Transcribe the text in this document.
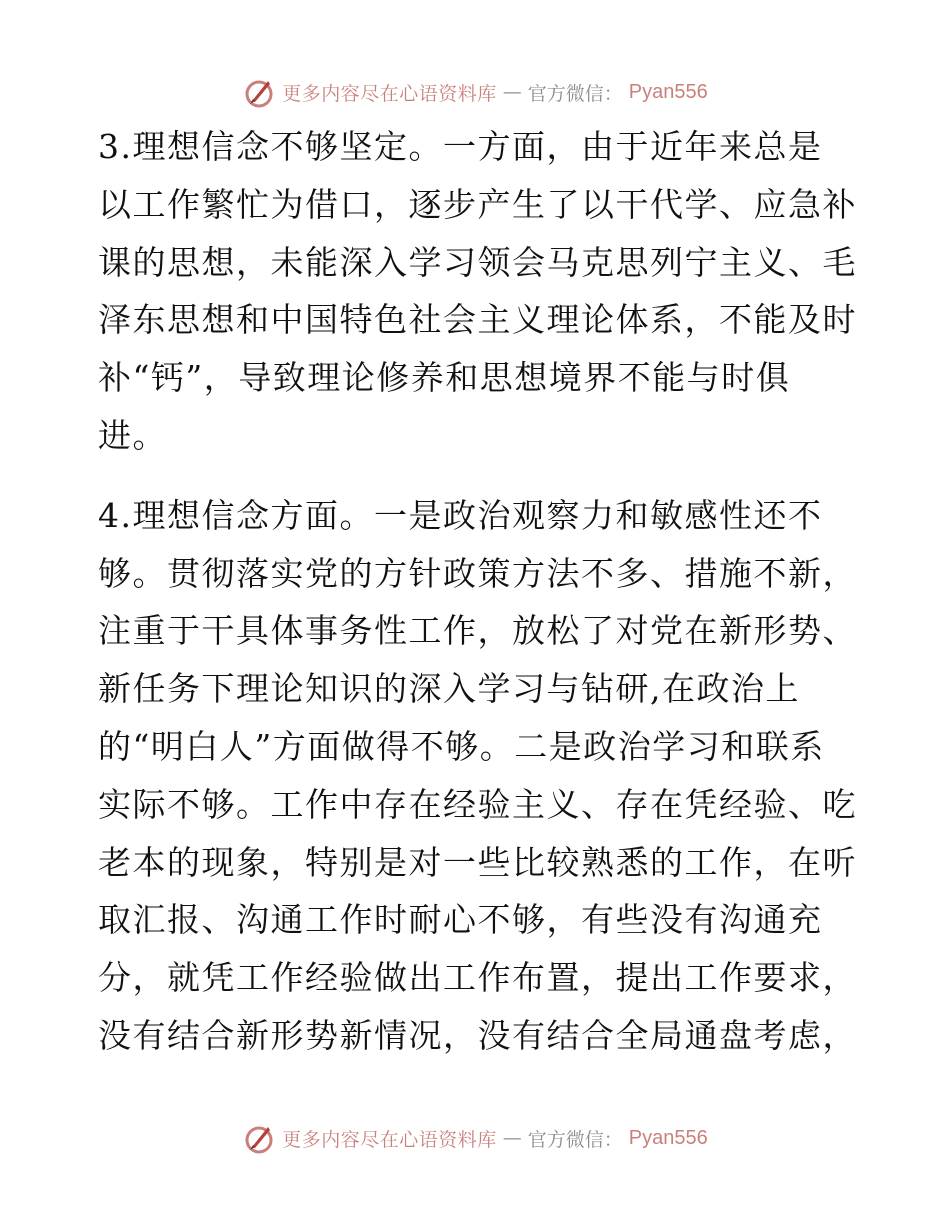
更多内容尽在心语资料库 — 官方微信： Pyan556
3.理想信念不够坚定。一方面，由于近年来总是
以工作繁忙为借口，逐步产生了以干代学、应急补
课的思想，未能深入学习领会马克思列宁主义、毛
泽东思想和中国特色社会主义理论体系，不能及时
补“钙”，导致理论修养和思想境界不能与时俱
进。
4.理想信念方面。一是政治观察力和敏感性还不
够。贯彻落实党的方针政策方法不多、措施不新，
注重于干具体事务性工作，放松了对党在新形势、
新任务下理论知识的深入学习与钻研,在政治上
的“明白人”方面做得不够。二是政治学习和联系
实际不够。工作中存在经验主义、存在凭经验、吃
老本的现象，特别是对一些比较熟悉的工作，在听
取汇报、沟通工作时耐心不够，有些没有沟通充
分，就凭工作经验做出工作布置，提出工作要求，
没有结合新形势新情况，没有结合全局通盘考虑，
更多内容尽在心语资料库 — 官方微信： Pyan556
